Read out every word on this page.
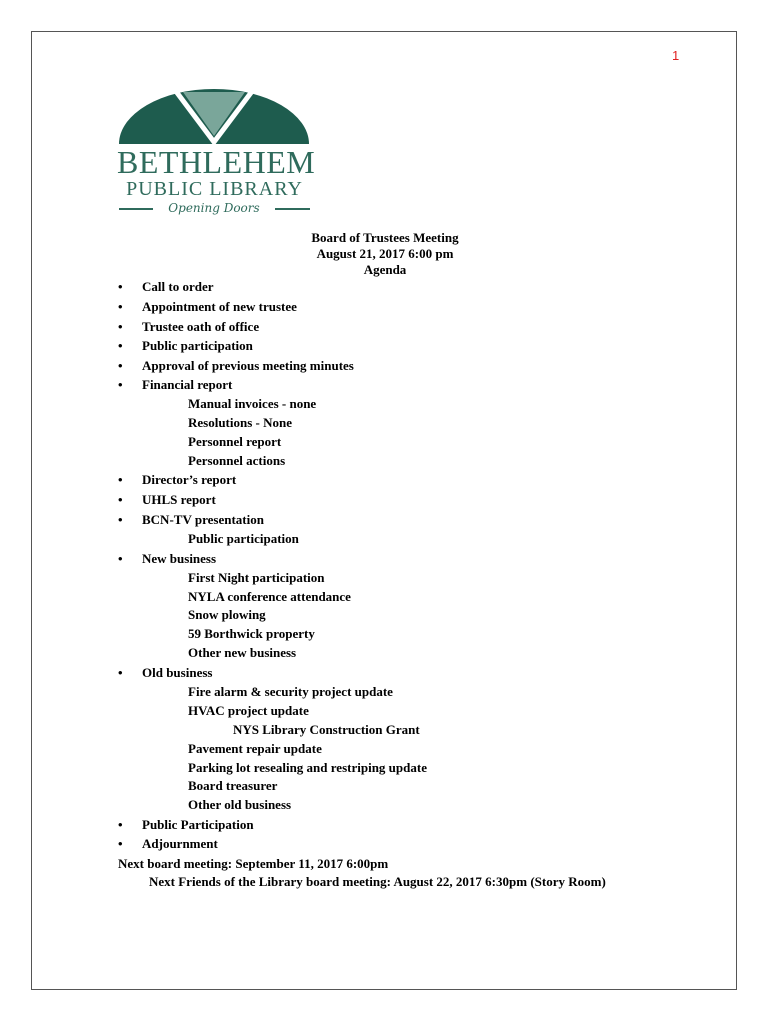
1
BETHLEHEM
PUBLIC LIBRARY
Opening Doors
Board of Trustees Meeting
August 21, 2017 6:00 pm
Agenda
•	Call to order
•	Appointment of new trustee
•	Trustee oath of office
•	Public participation
•	Approval of previous meeting minutes
•	Financial report
Manual invoices - none
Resolutions - None
Personnel report
Personnel actions
•	Director’s report
•	UHLS report
•	BCN-TV presentation
Public participation
•	New business
First Night participation
NYLA conference attendance
Snow plowing
59 Borthwick property
Other new business
•	Old business
Fire alarm & security project update
HVAC project update
NYS Library Construction Grant
Pavement repair update
Parking lot resealing and restriping update
Board treasurer
Other old business
•	Public Participation
•	Adjournment
Next board meeting: September 11, 2017 6:00pm
Next Friends of the Library board meeting: August 22, 2017 6:30pm (Story Room)
